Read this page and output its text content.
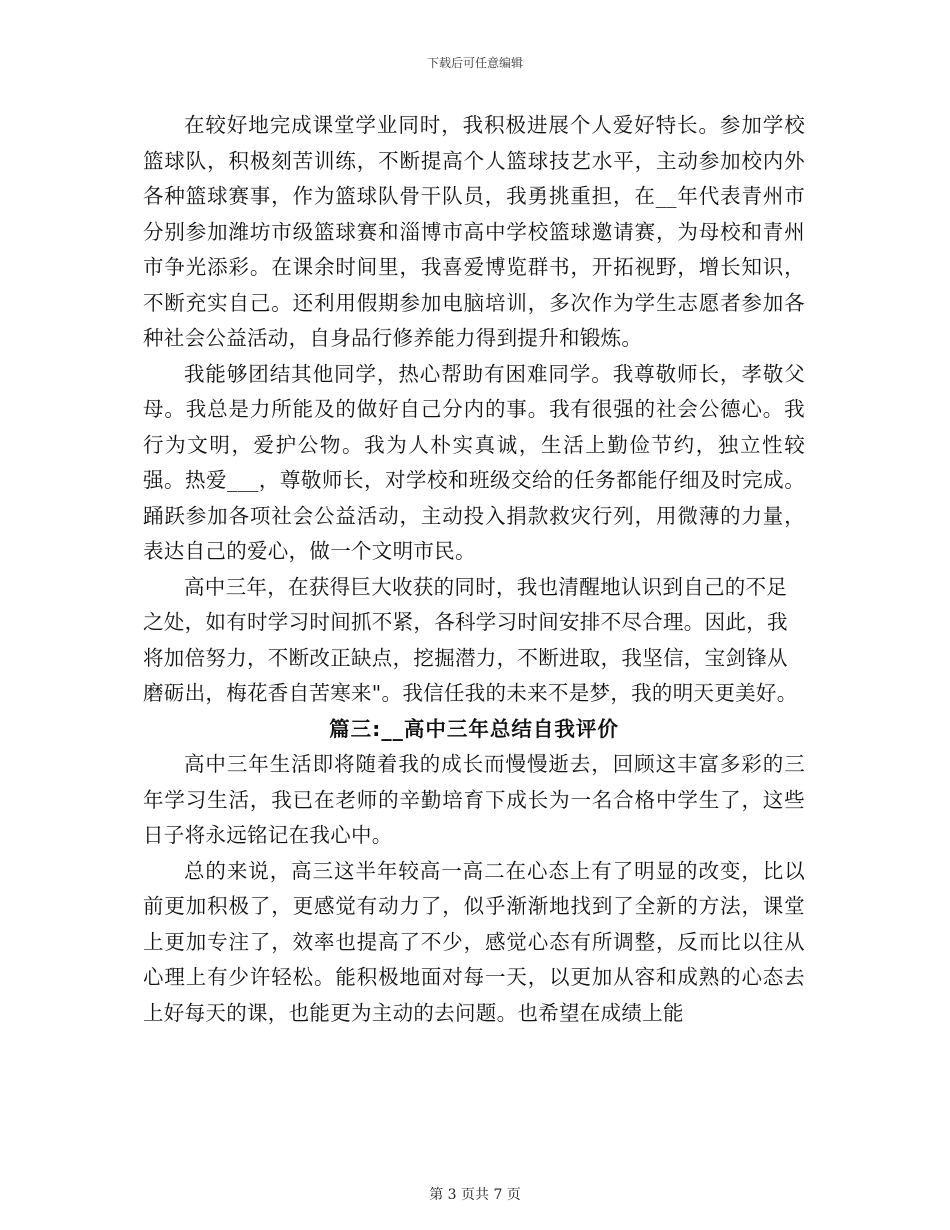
下载后可任意编辑

在较好地完成课堂学业同时，我积极进展个人爱好特长。参加学校篮球队，积极刻苦训练，不断提高个人篮球技艺水平，主动参加校内外各种篮球赛事，作为篮球队骨干队员，我勇挑重担，在__年代表青州市分别参加潍坊市级篮球赛和淄博市高中学校篮球邀请赛，为母校和青州市争光添彩。在课余时间里，我喜爱博览群书，开拓视野，增长知识，不断充实自己。还利用假期参加电脑培训，多次作为学生志愿者参加各种社会公益活动，自身品行修养能力得到提升和锻炼。

我能够团结其他同学，热心帮助有困难同学。我尊敬师长，孝敬父母。我总是力所能及的做好自己分内的事。我有很强的社会公德心。我行为文明，爱护公物。我为人朴实真诚，生活上勤俭节约，独立性较强。热爱___，尊敬师长，对学校和班级交给的任务都能仔细及时完成。踊跃参加各项社会公益活动，主动投入捐款救灾行列，用微薄的力量，表达自己的爱心，做一个文明市民。

高中三年，在获得巨大收获的同时，我也清醒地认识到自己的不足之处，如有时学习时间抓不紧，各科学习时间安排不尽合理。因此，我将加倍努力，不断改正缺点，挖掘潜力，不断进取，我坚信，宝剑锋从磨砺出，梅花香自苦寒来"。我信任我的未来不是梦，我的明天更美好。

篇三:__高中三年总结自我评价

高中三年生活即将随着我的成长而慢慢逝去，回顾这丰富多彩的三年学习生活，我已在老师的辛勤培育下成长为一名合格中学生了，这些日子将永远铭记在我心中。

总的来说，高三这半年较高一高二在心态上有了明显的改变，比以前更加积极了，更感觉有动力了，似乎渐渐地找到了全新的方法，课堂上更加专注了，效率也提高了不少，感觉心态有所调整，反而比以往从心理上有少许轻松。能积极地面对每一天，以更加从容和成熟的心态去上好每天的课，也能更为主动的去问题。也希望在成绩上能

第 3 页共 7 页
